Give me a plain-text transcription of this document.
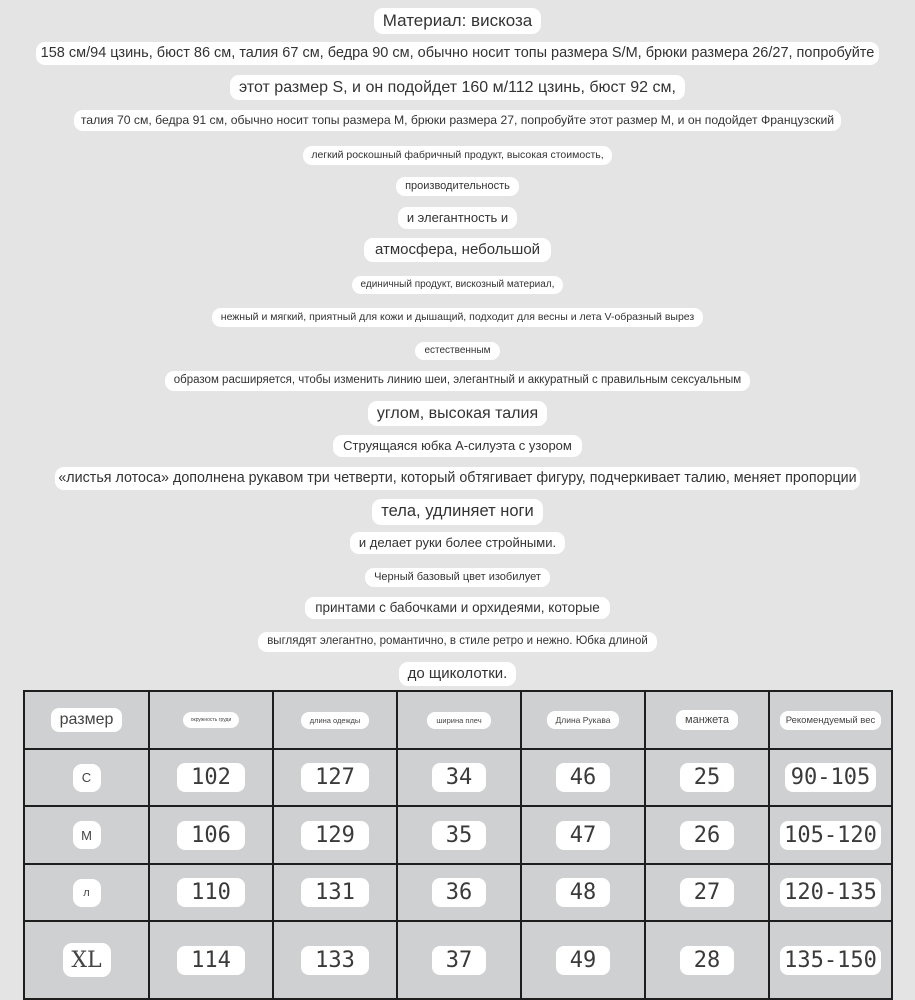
Материал: вискоза
158 см/94 цзинь, бюст 86 см, талия 67 см, бедра 90 см, обычно носит топы размера S/M, брюки размера 26/27, попробуйте
этот размер S, и он подойдет 160 м/112 цзинь, бюст 92 см,
талия 70 см, бедра 91 см, обычно носит топы размера M, брюки размера 27, попробуйте этот размер M, и он подойдет Французский
легкий роскошный фабричный продукт, высокая стоимость,
производительность
и элегантность и
атмосфера, небольшой
единичный продукт, вискозный материал,
нежный и мягкий, приятный для кожи и дышащий, подходит для весны и лета V-образный вырез
естественным
образом расширяется, чтобы изменить линию шеи, элегантный и аккуратный с правильным сексуальным
углом, высокая талия
Струящаяся юбка А-силуэта с узором
«листья лотоса» дополнена рукавом три четверти, который обтягивает фигуру, подчеркивает талию, меняет пропорции
тела, удлиняет ноги
и делает руки более стройными.
Черный базовый цвет изобилует
принтами с бабочками и орхидеями, которые
выглядят элегантно, романтично, в стиле ретро и нежно. Юбка длиной
до щиколотки.
размер	окружность груди	длина одежды	ширина плеч	Длина Рукава	манжета	Рекомендуемый вес
С	102	127	34	46	25	90-105
М	106	129	35	47	26	105-120
л	110	131	36	48	27	120-135
XL	114	133	37	49	28	135-150
